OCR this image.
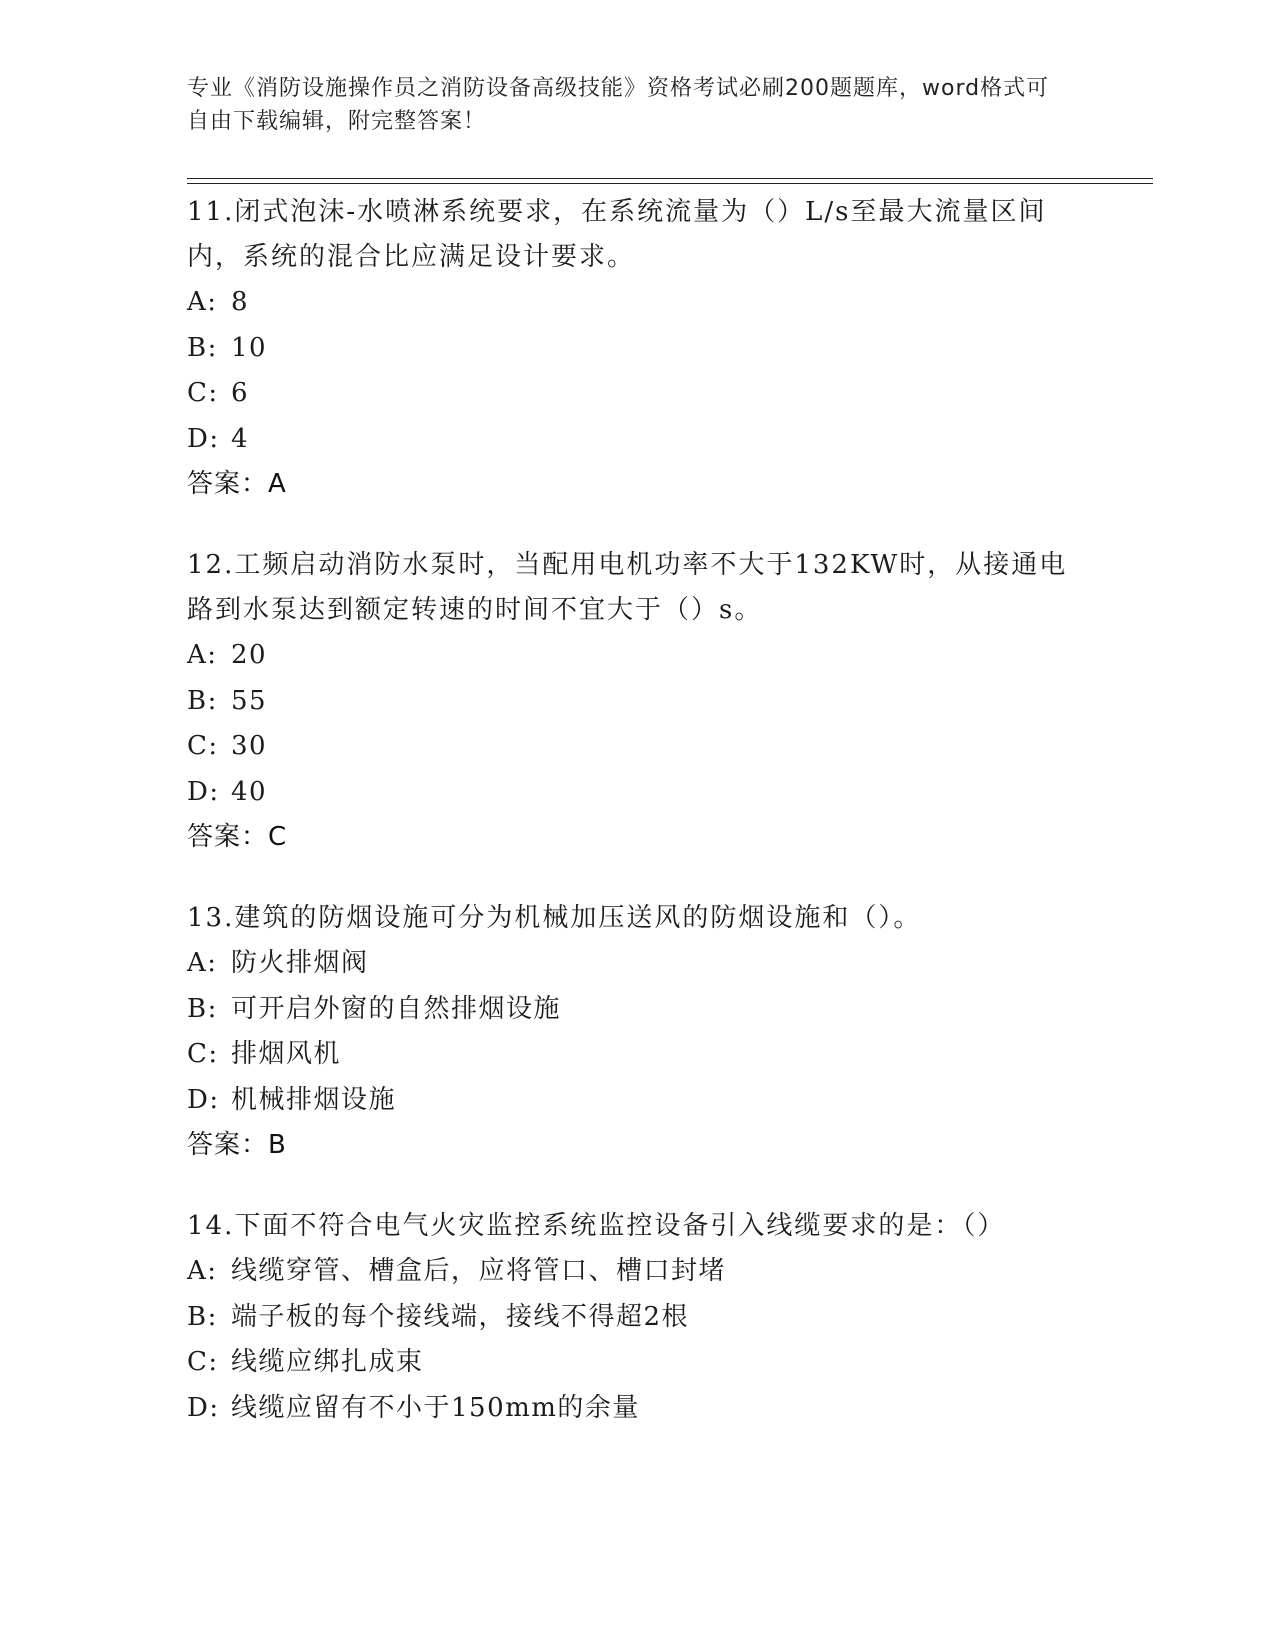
专业《消防设施操作员之消防设备高级技能》资格考试必刷200题题库，word格式可自由下载编辑，附完整答案！

11.闭式泡沫-水喷淋系统要求，在系统流量为（）L/s至最大流量区间内，系统的混合比应满足设计要求。

A: 8
B: 10
C: 6
D: 4
答案：A

12.工频启动消防水泵时，当配用电机功率不大于132KW时，从接通电路到水泵达到额定转速的时间不宜大于（）s。

A: 20
B: 55
C: 30
D: 40
答案：C

13.建筑的防烟设施可分为机械加压送风的防烟设施和（）。

A: 防火排烟阀
B: 可开启外窗的自然排烟设施
C: 排烟风机
D: 机械排烟设施
答案：B

14.下面不符合电气火灾监控系统监控设备引入线缆要求的是：（）

A: 线缆穿管、槽盒后，应将管口、槽口封堵
B: 端子板的每个接线端，接线不得超2根
C: 线缆应绑扎成束
D: 线缆应留有不小于150mm的余量
